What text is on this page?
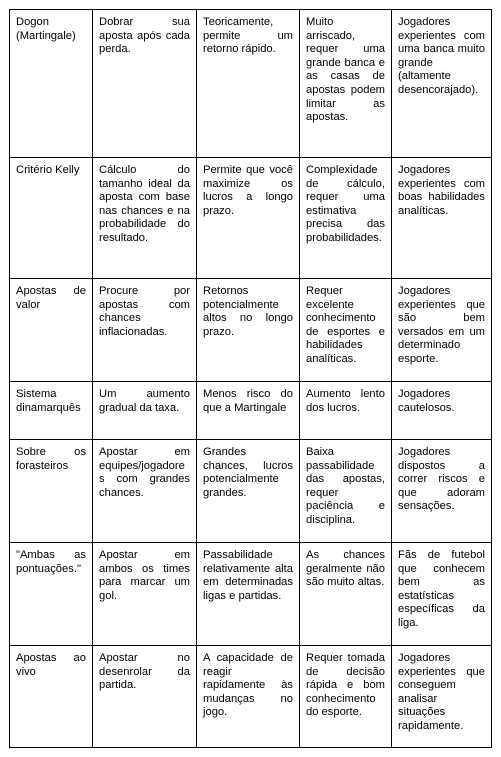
Dogon (Martingale)	Dobrar sua aposta após cada perda.	Teoricamente, permite um retorno rápido.	Muito arriscado, requer uma grande banca e as casas de apostas podem limitar as apostas.	Jogadores experientes com uma banca muito grande (altamente desencorajado).
Critério Kelly	Cálculo do tamanho ideal da aposta com base nas chances e na probabilidade do resultado.	Permite que você maximize os lucros a longo prazo.	Complexidade de cálculo, requer uma estimativa precisa das probabilidades.	Jogadores experientes com boas habilidades analíticas.
Apostas de valor	Procure por apostas com chances inflacionadas.	Retornos potencialmente altos no longo prazo.	Requer excelente conhecimento de esportes e habilidades analíticas.	Jogadores experientes que são bem versados em um determinado esporte.
Sistema dinamarquês	Um aumento gradual da taxa.	Menos risco do que a Martingale	Aumento lento dos lucros.	Jogadores cautelosos.
Sobre os forasteiros	Apostar em equipes/jogadore s com grandes chances.	Grandes chances, lucros potencialmente grandes.	Baixa passabilidade das apostas, requer paciência e disciplina.	Jogadores dispostos a correr riscos e que adoram sensações.
"Ambas as pontuações."	Apostar em ambos os times para marcar um gol.	Passabilidade relativamente alta em determinadas ligas e partidas.	As chances geralmente não são muito altas.	Fãs de futebol que conhecem bem as estatísticas específicas da liga.
Apostas ao vivo	Apostar no desenrolar da partida.	A capacidade de reagir rapidamente às mudanças no jogo.	Requer tomada de decisão rápida e bom conhecimento do esporte.	Jogadores experientes que conseguem analisar situações rapidamente.
